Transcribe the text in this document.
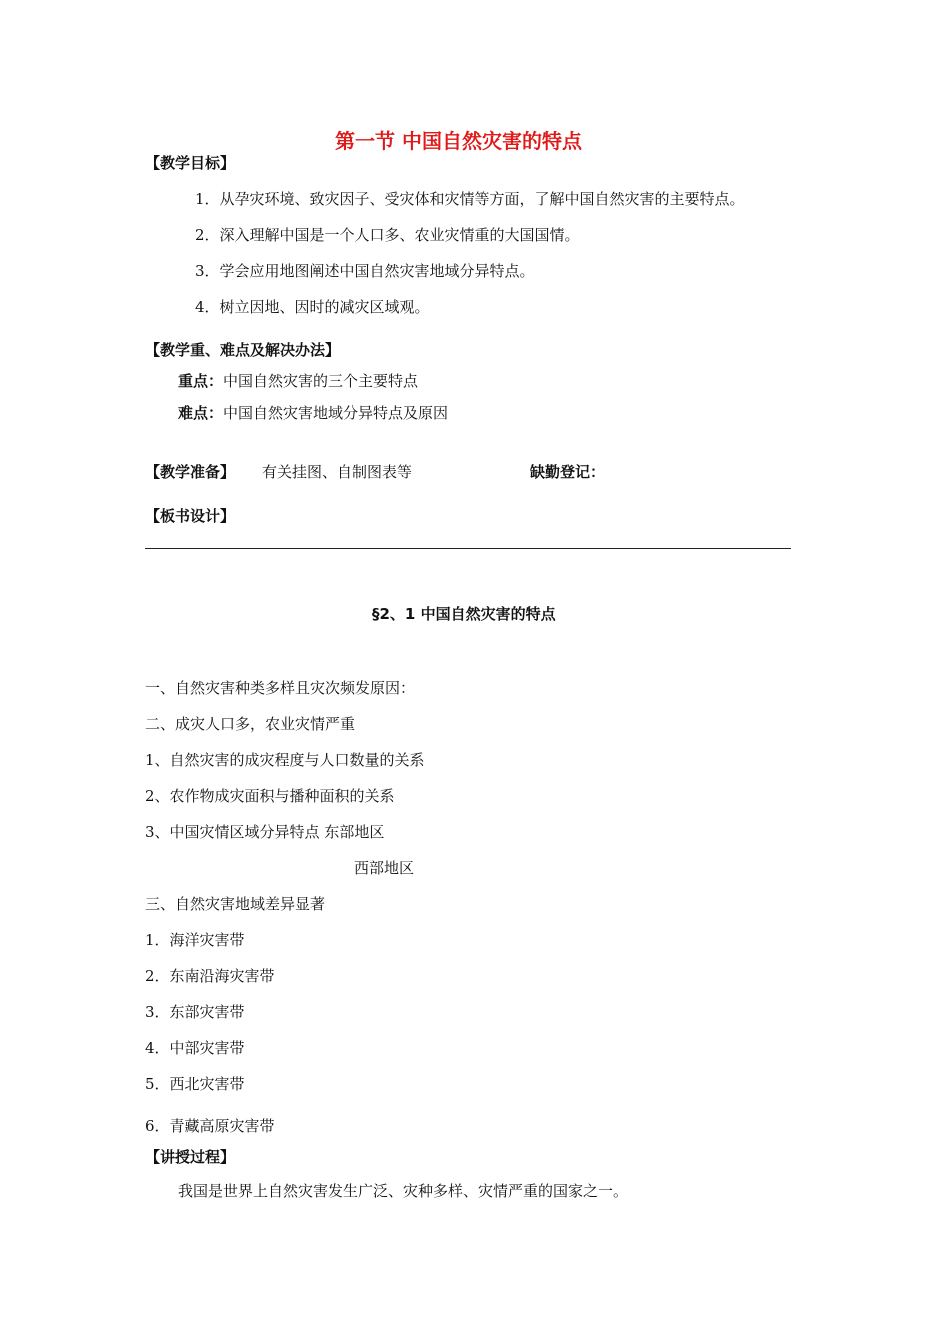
第一节 中国自然灾害的特点
【教学目标】
1．从孕灾环境、致灾因子、受灾体和灾情等方面，了解中国自然灾害的主要特点。
2．深入理解中国是一个人口多、农业灾情重的大国国情。
3．学会应用地图阐述中国自然灾害地域分异特点。
4．树立因地、因时的减灾区域观。
【教学重、难点及解决办法】
重点：中国自然灾害的三个主要特点
难点：中国自然灾害地域分异特点及原因
【教学准备】 有关挂图、自制图表等	缺勤登记：
【板书设计】
§2、1 中国自然灾害的特点
一、自然灾害种类多样且灾次频发原因：
二、成灾人口多，农业灾情严重
1、自然灾害的成灾程度与人口数量的关系
2、农作物成灾面积与播种面积的关系
3、中国灾情区域分异特点 东部地区
西部地区
三、自然灾害地域差异显著
1．海洋灾害带
2．东南沿海灾害带
3．东部灾害带
4．中部灾害带
5．西北灾害带
6．青藏高原灾害带
【讲授过程】
我国是世界上自然灾害发生广泛、灾种多样、灾情严重的国家之一。
